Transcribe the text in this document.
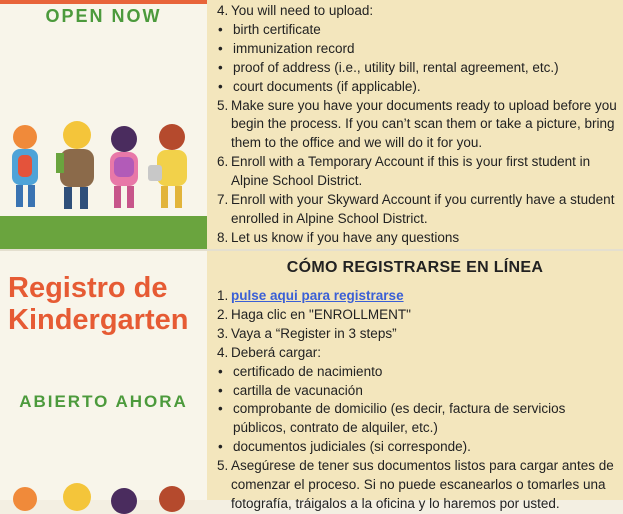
OPEN NOW	4. You will need to upload:
• birth certificate
• immunization record
• proof of address (i.e., utility bill, rental agreement, etc.)
• court documents (if applicable).
5. Make sure you have your documents ready to upload before you begin the process. If you can’t scan them or take a picture, bring them to the office and we will do it for you.
6. Enroll with a Temporary Account if this is your first student in Alpine School District.
7. Enroll with your Skyward Account if you currently have a student enrolled in Alpine School District.
8. Let us know if you have any questions
Registro de Kindergarten
ABIERTO AHORA
CÓMO REGISTRARSE EN LÍNEA
1. pulse aqui para registrarse
2. Haga clic en "ENROLLMENT"
3. Vaya a “Register in 3 steps”
4. Deberá cargar:
• certificado de nacimiento
• cartilla de vacunación
• comprobante de domicilio (es decir, factura de servicios públicos, contrato de alquiler, etc.)
• documentos judiciales (si corresponde).
5. Asegúrese de tener sus documentos listos para cargar antes de comenzar el proceso. Si no puede escanearlos o tomarles una fotografía, tráigalos a la oficina y lo haremos por usted.
